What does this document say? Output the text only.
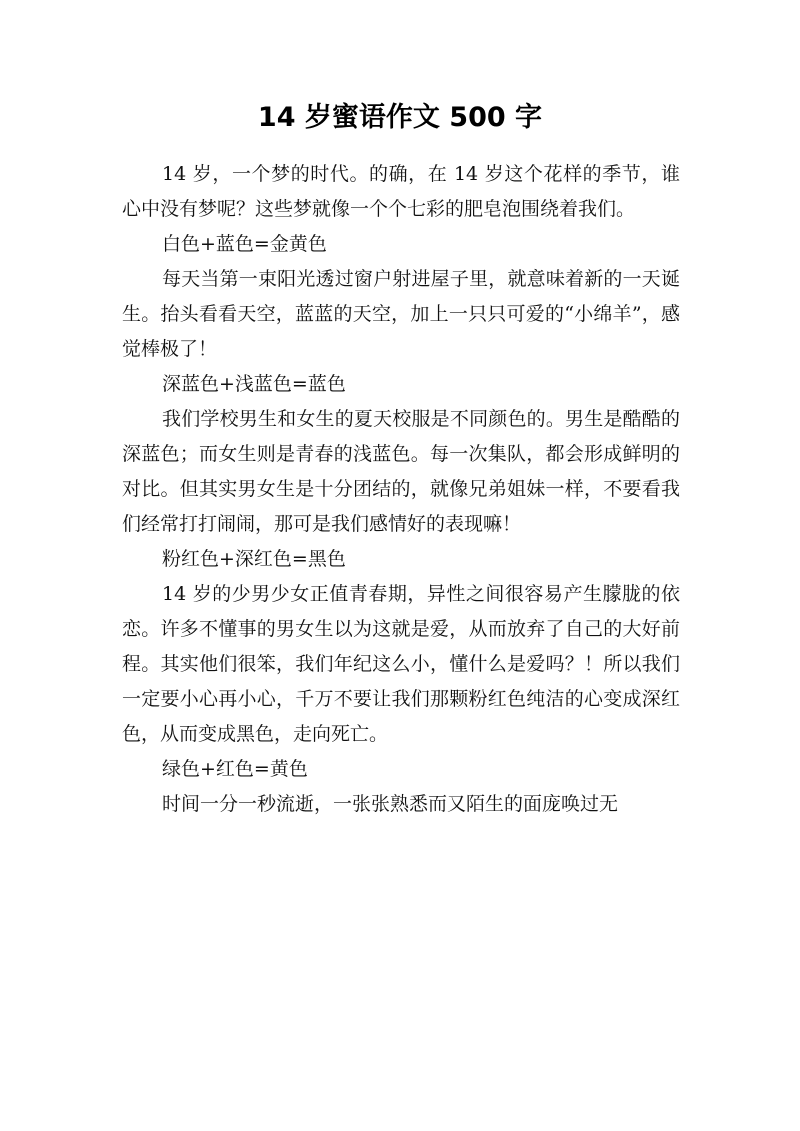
14 岁蜜语作文 500 字

14 岁，一个梦的时代。的确，在 14 岁这个花样的季节，谁心中没有梦呢？这些梦就像一个个七彩的肥皂泡围绕着我们。

白色+蓝色=金黄色

每天当第一束阳光透过窗户射进屋子里，就意味着新的一天诞生。抬头看看天空，蓝蓝的天空，加上一只只可爱的“小绵羊”，感觉棒极了！

深蓝色+浅蓝色=蓝色

我们学校男生和女生的夏天校服是不同颜色的。男生是酷酷的深蓝色；而女生则是青春的浅蓝色。每一次集队，都会形成鲜明的对比。但其实男女生是十分团结的，就像兄弟姐妹一样，不要看我们经常打打闹闹，那可是我们感情好的表现嘛！

粉红色+深红色=黑色

14 岁的少男少女正值青春期，异性之间很容易产生朦胧的依恋。许多不懂事的男女生以为这就是爱，从而放弃了自己的大好前程。其实他们很笨，我们年纪这么小，懂什么是爱吗？！所以我们一定要小心再小心，千万不要让我们那颗粉红色纯洁的心变成深红色，从而变成黑色，走向死亡。

绿色+红色=黄色

时间一分一秒流逝，一张张熟悉而又陌生的面庞唤过无
